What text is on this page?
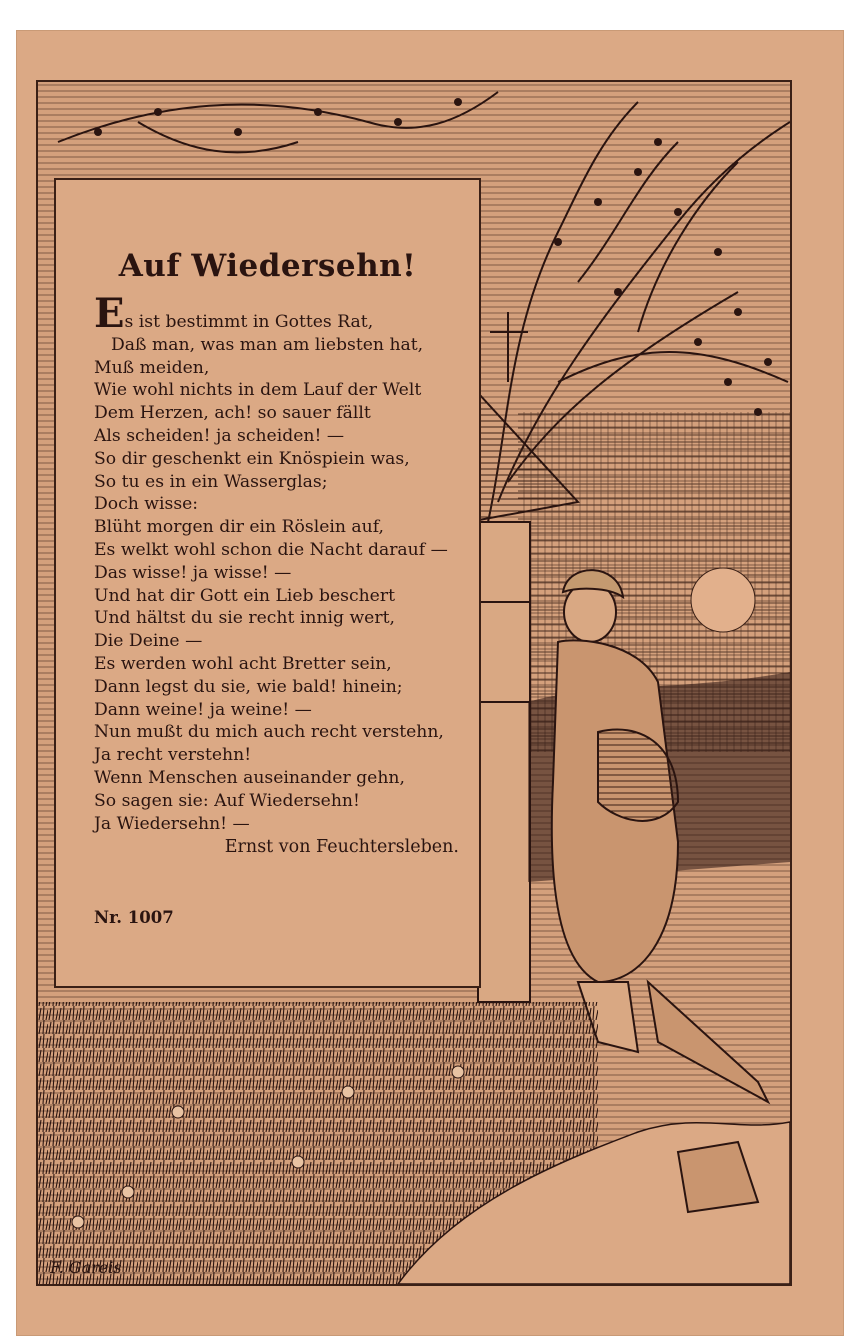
Auf Wiedersehn!
Es ist bestimmt in Gottes Rat,
Daß man, was man am liebsten hat,
Muß meiden,
Wie wohl nichts in dem Lauf der Welt
Dem Herzen, ach! so sauer fällt
Als scheiden! ja scheiden! —
So dir geschenkt ein Knöspiein was,
So tu es in ein Wasserglas;
Doch wisse:
Blüht morgen dir ein Röslein auf,
Es welkt wohl schon die Nacht darauf —
Das wisse! ja wisse! —
Und hat dir Gott ein Lieb beschert
Und hältst du sie recht innig wert,
Die Deine —
Es werden wohl acht Bretter sein,
Dann legst du sie, wie bald! hinein;
Dann weine! ja weine! —
Nun mußt du mich auch recht verstehn,
Ja recht verstehn!
Wenn Menschen auseinander gehn,
So sagen sie: Auf Wiedersehn!
Ja Wiedersehn! —
Ernst von Feuchtersleben.
Nr. 1007
F. Gareis
